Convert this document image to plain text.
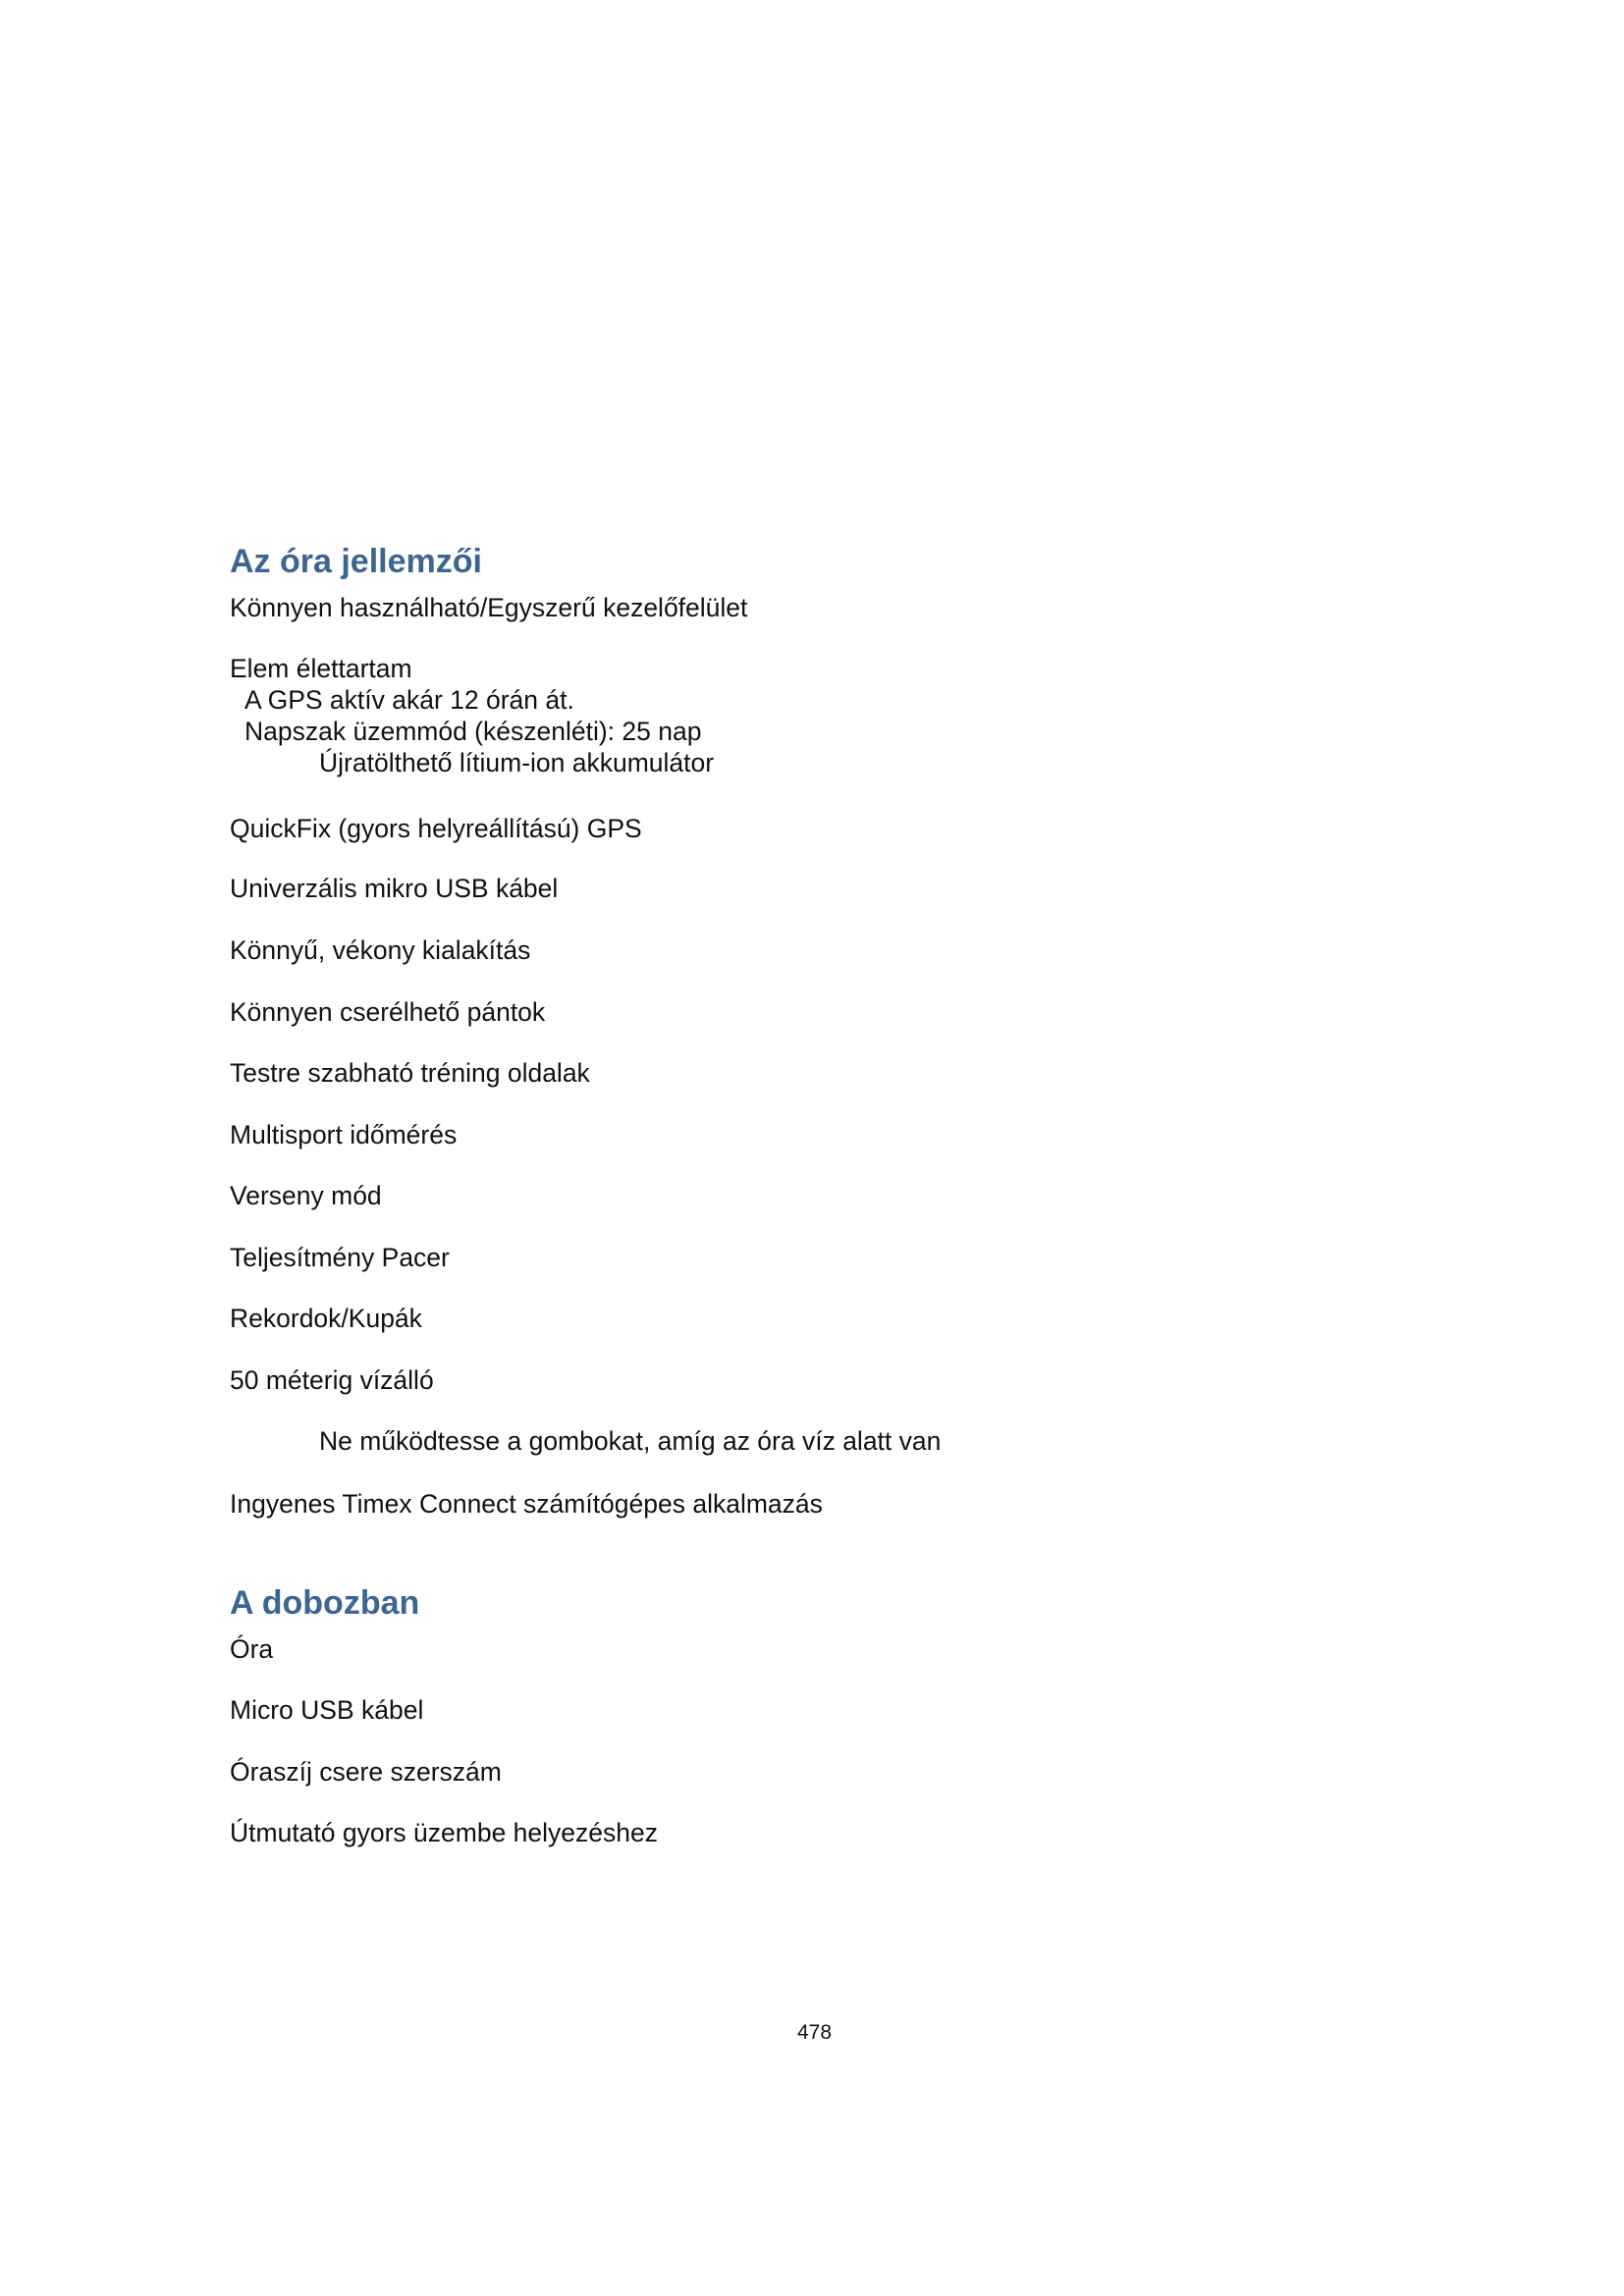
Az óra jellemzői

Könnyen használható/Egyszerű kezelőfelület

Elem élettartam

A GPS aktív akár 12 órán át.

Napszak üzemmód (készenléti): 25 nap

Újratölthető lítium-ion akkumulátor

QuickFix (gyors helyreállítású) GPS

Univerzális mikro USB kábel

Könnyű, vékony kialakítás

Könnyen cserélhető pántok

Testre szabható tréning oldalak

Multisport időmérés

Verseny mód

Teljesítmény Pacer

Rekordok/Kupák

50 méterig vízálló

Ne működtesse a gombokat, amíg az óra víz alatt van

Ingyenes Timex Connect számítógépes alkalmazás

A dobozban

Óra

Micro USB kábel

Óraszíj csere szerszám

Útmutató gyors üzembe helyezéshez

478
